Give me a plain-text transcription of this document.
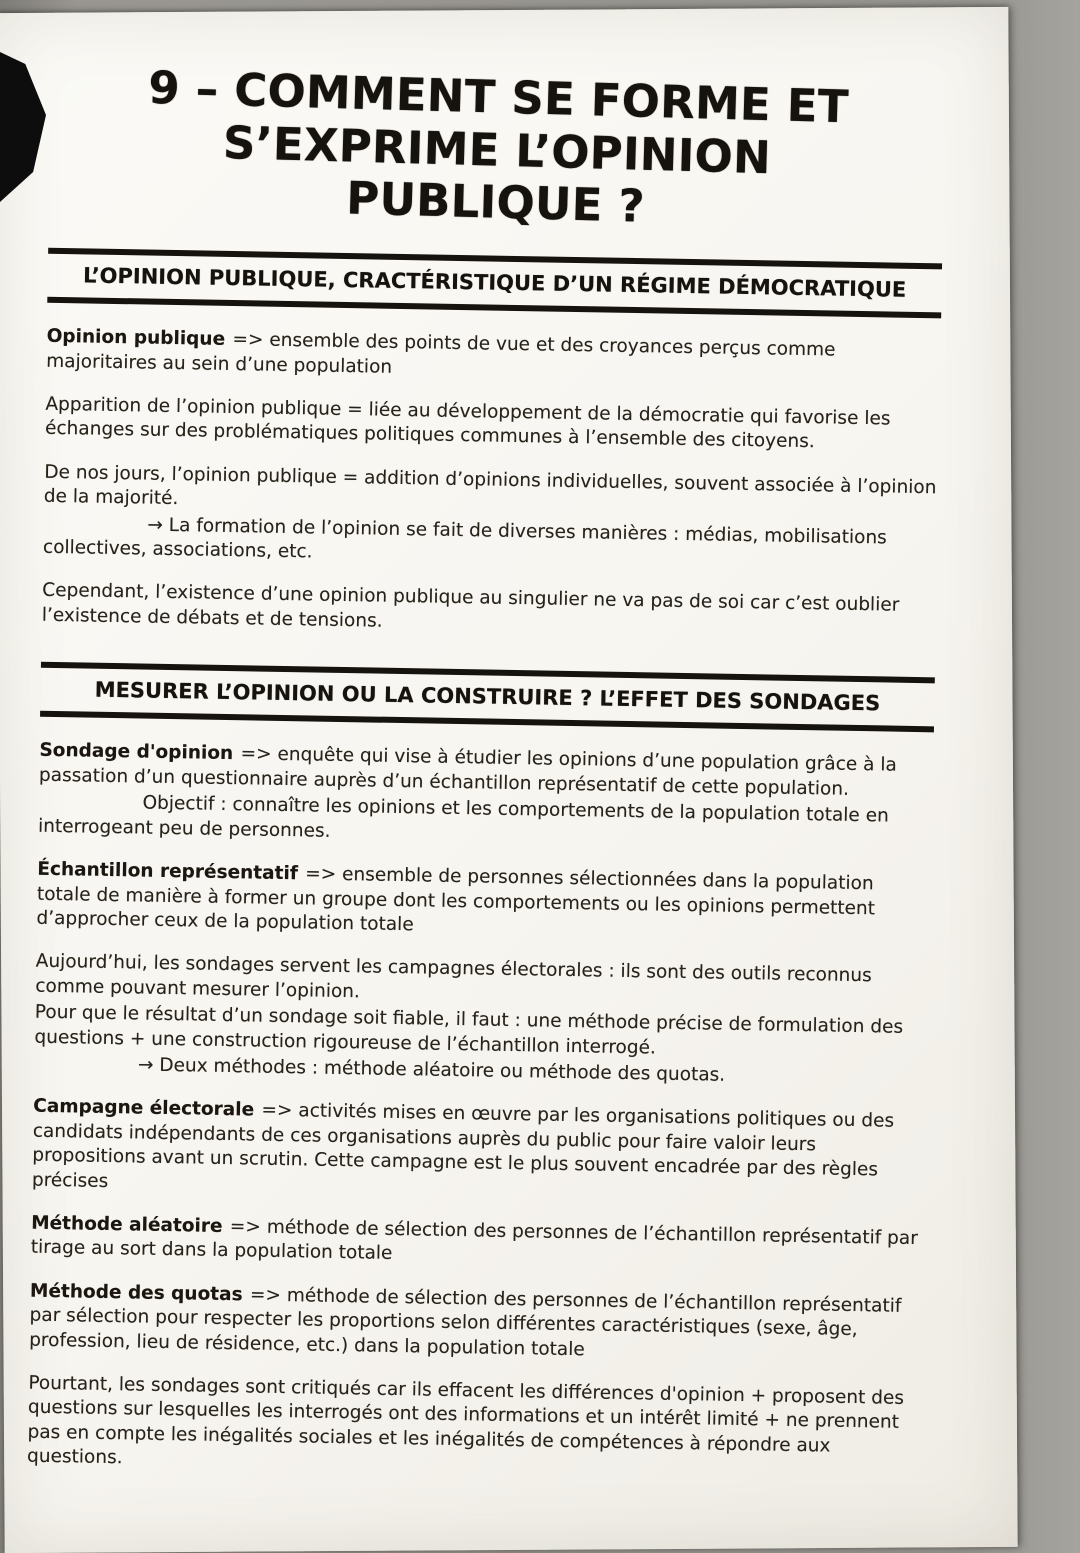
9 – COMMENT SE FORME ET
S’EXPRIME L’OPINION
PUBLIQUE ?
L’OPINION PUBLIQUE, CRACTÉRISTIQUE D’UN RÉGIME DÉMOCRATIQUE

Opinion publique => ensemble des points de vue et des croyances perçus comme majoritaires au sein d’une population

Apparition de l’opinion publique = liée au développement de la démocratie qui favorise les échanges sur des problématiques politiques communes à l’ensemble des citoyens.

De nos jours, l’opinion publique = addition d’opinions individuelles, souvent associée à l’opinion de la majorité.

→ La formation de l’opinion se fait de diverses manières : médias, mobilisations collectives, associations, etc.

Cependant, l’existence d’une opinion publique au singulier ne va pas de soi car c’est oublier l’existence de débats et de tensions.

MESURER L’OPINION OU LA CONSTRUIRE ? L’EFFET DES SONDAGES

Sondage d'opinion => enquête qui vise à étudier les opinions d’une population grâce à la passation d’un questionnaire auprès d’un échantillon représentatif de cette population.

Objectif : connaître les opinions et les comportements de la population totale en interrogeant peu de personnes.

Échantillon représentatif => ensemble de personnes sélectionnées dans la population totale de manière à former un groupe dont les comportements ou les opinions permettent d’approcher ceux de la population totale

Aujourd’hui, les sondages servent les campagnes électorales : ils sont des outils reconnus comme pouvant mesurer l’opinion.

Pour que le résultat d’un sondage soit fiable, il faut : une méthode précise de formulation des questions + une construction rigoureuse de l’échantillon interrogé.

→ Deux méthodes : méthode aléatoire ou méthode des quotas.

Campagne électorale => activités mises en œuvre par les organisations politiques ou des candidats indépendants de ces organisations auprès du public pour faire valoir leurs propositions avant un scrutin. Cette campagne est le plus souvent encadrée par des règles précises

Méthode aléatoire => méthode de sélection des personnes de l’échantillon représentatif par tirage au sort dans la population totale

Méthode des quotas => méthode de sélection des personnes de l’échantillon représentatif par sélection pour respecter les proportions selon différentes caractéristiques (sexe, âge, profession, lieu de résidence, etc.) dans la population totale

Pourtant, les sondages sont critiqués car ils effacent les différences d'opinion + proposent des questions sur lesquelles les interrogés ont des informations et un intérêt limité + ne prennent pas en compte les inégalités sociales et les inégalités de compétences à répondre aux questions.
